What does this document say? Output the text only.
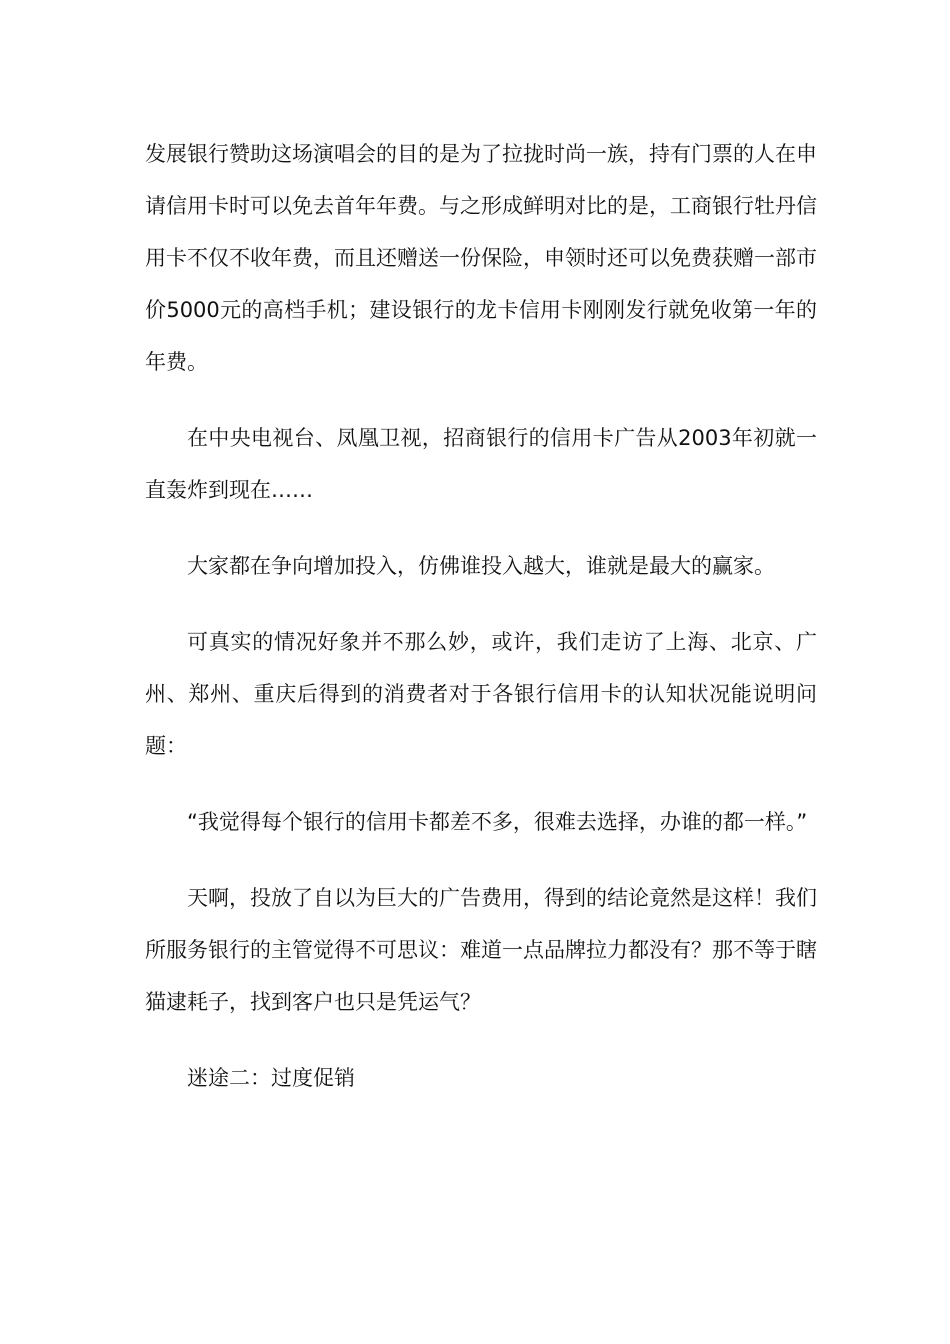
发展银行赞助这场演唱会的目的是为了拉拢时尚一族，持有门票的人在申请信用卡时可以免去首年年费。与之形成鲜明对比的是，工商银行牡丹信用卡不仅不收年费，而且还赠送一份保险，申领时还可以免费获赠一部市价5000元的高档手机；建设银行的龙卡信用卡刚刚发行就免收第一年的年费。

在中央电视台、凤凰卫视，招商银行的信用卡广告从2003年初就一直轰炸到现在……

大家都在争向增加投入，仿佛谁投入越大，谁就是最大的赢家。

可真实的情况好象并不那么妙，或许，我们走访了上海、北京、广州、郑州、重庆后得到的消费者对于各银行信用卡的认知状况能说明问题：

“我觉得每个银行的信用卡都差不多，很难去选择，办谁的都一样。”

天啊，投放了自以为巨大的广告费用，得到的结论竟然是这样！我们所服务银行的主管觉得不可思议：难道一点品牌拉力都没有？那不等于瞎猫逮耗子，找到客户也只是凭运气？

迷途二：过度促销
